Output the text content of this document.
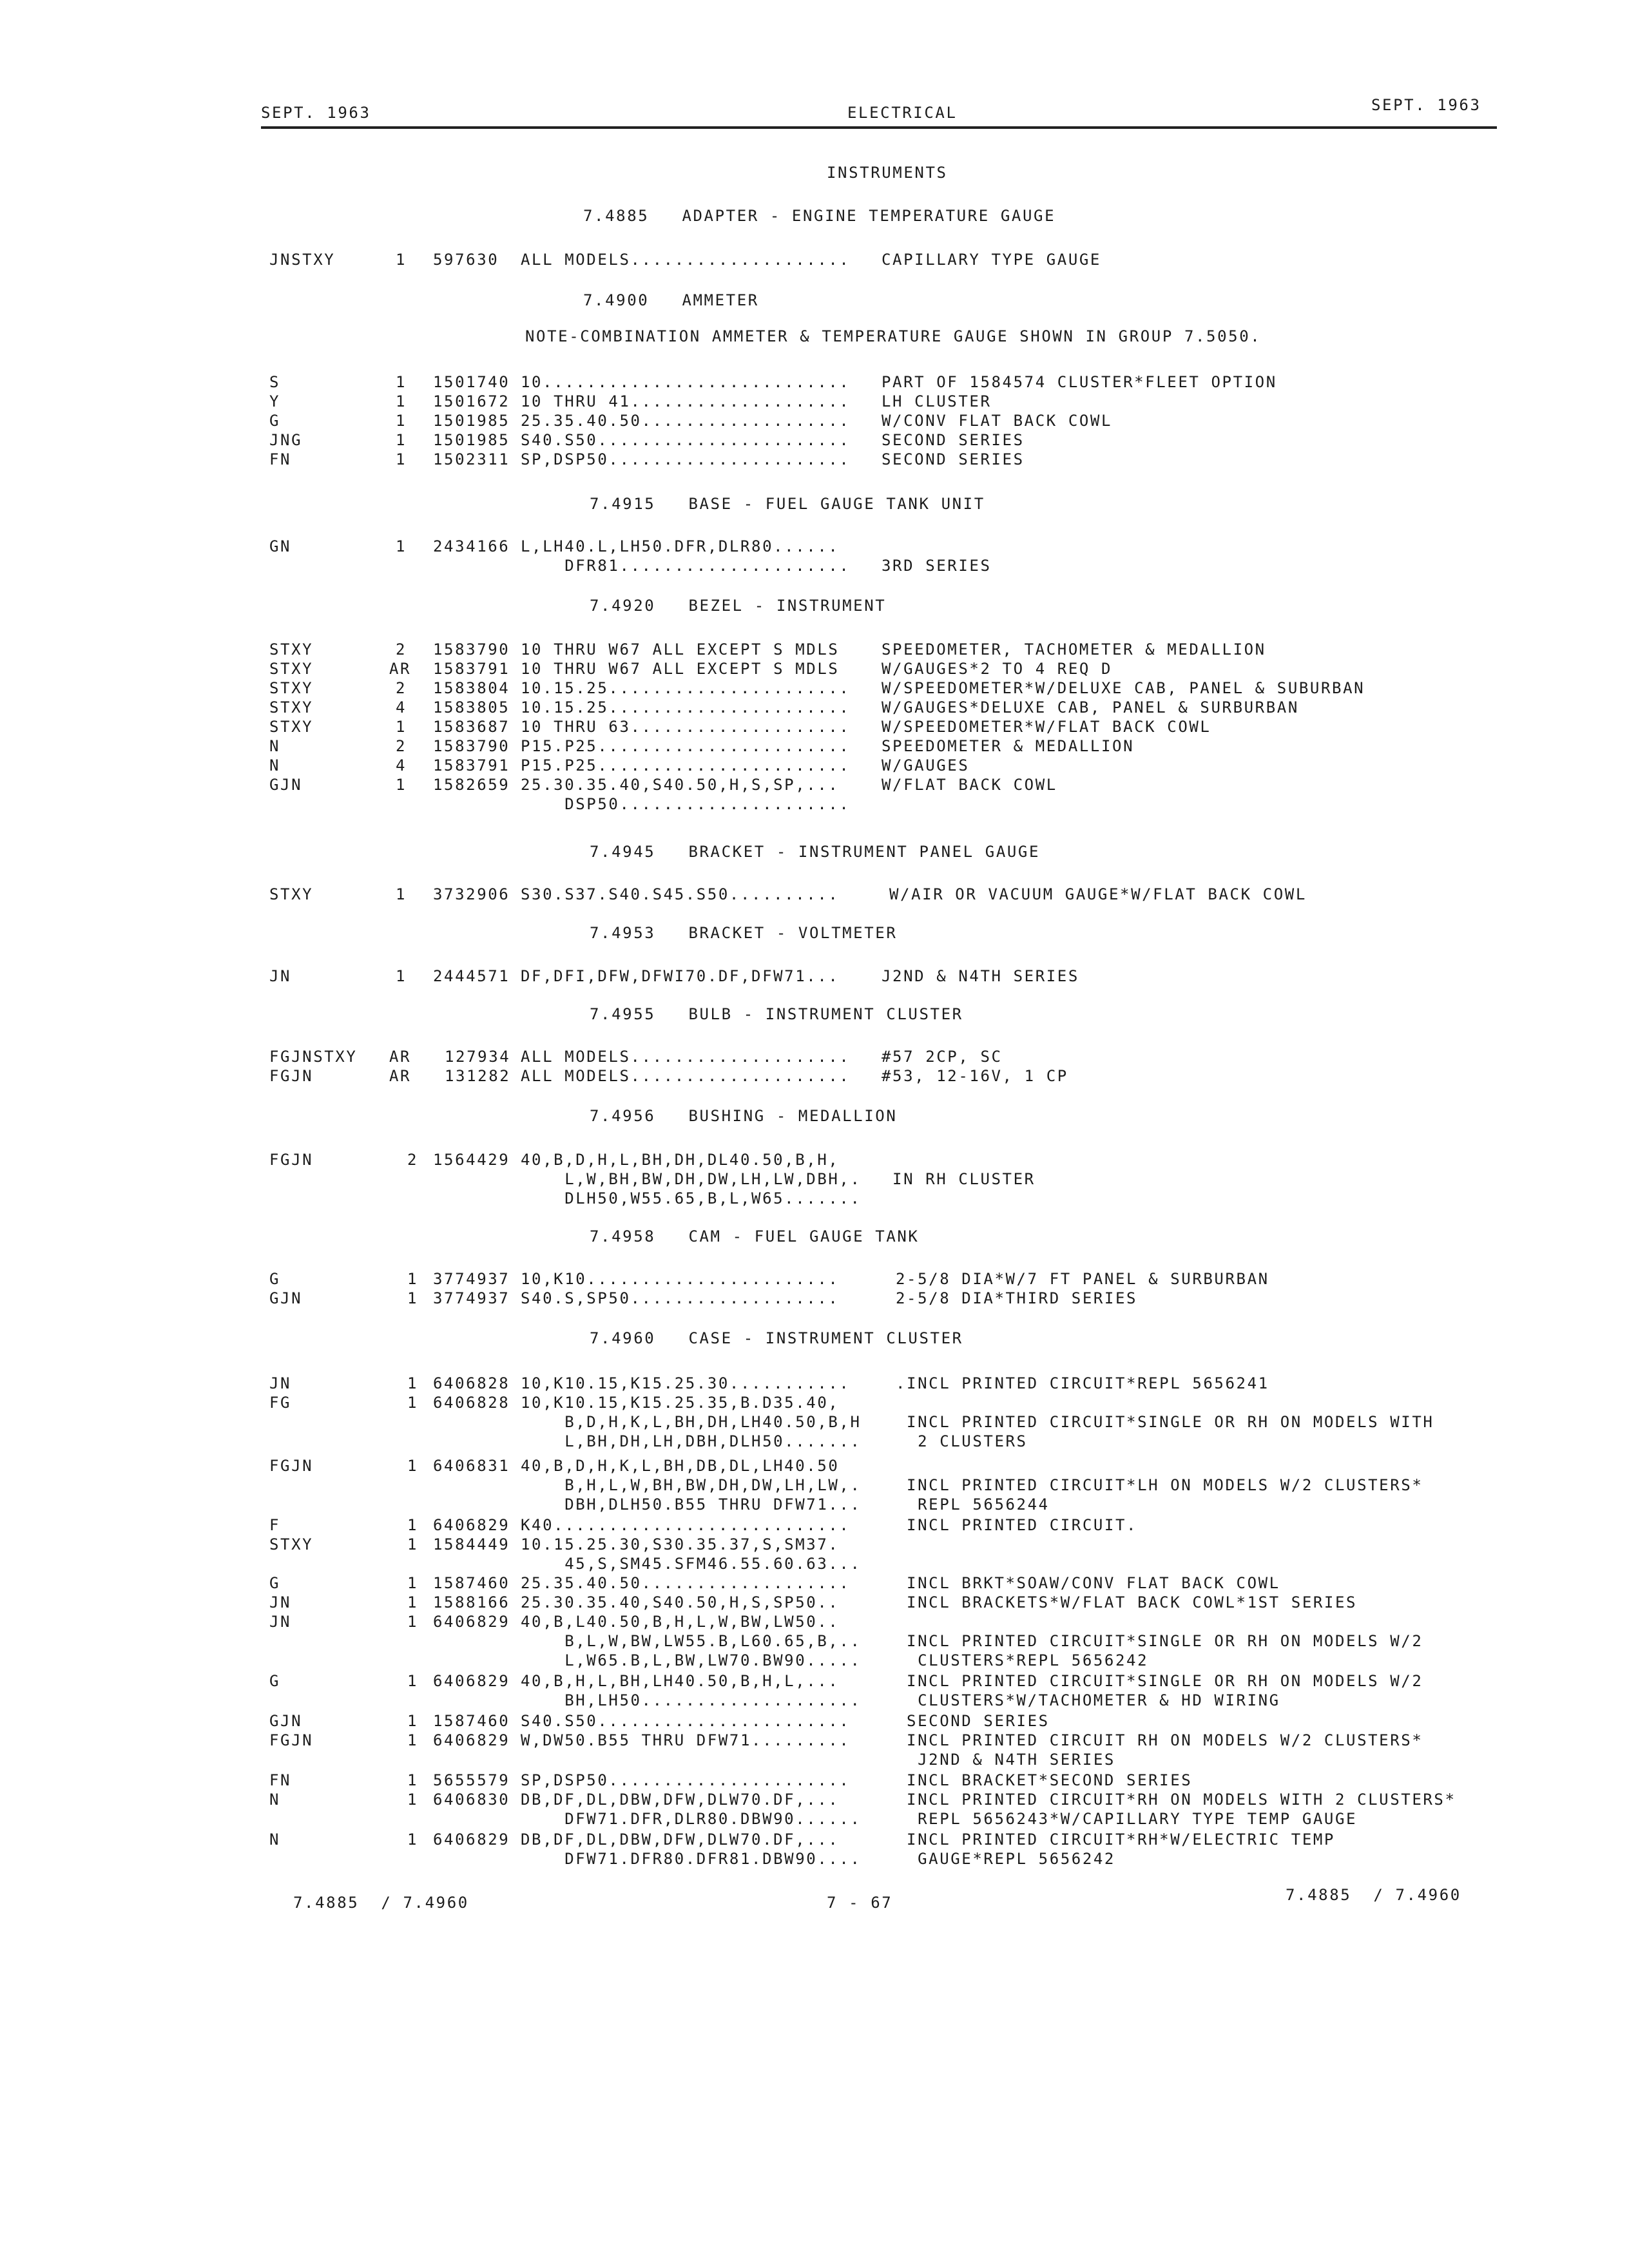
SEPT. 1963	ELECTRICAL	SEPT. 1963
INSTRUMENTS
7.4885   ADAPTER - ENGINE TEMPERATURE GAUGE
7.4900   AMMETER
NOTE-COMBINATION AMMETER & TEMPERATURE GAUGE SHOWN IN GROUP 7.5050.
7.4915   BASE - FUEL GAUGE TANK UNIT
7.4920   BEZEL - INSTRUMENT
7.4945   BRACKET - INSTRUMENT PANEL GAUGE
7.4953   BRACKET - VOLTMETER
7.4955   BULB - INSTRUMENT CLUSTER
7.4956   BUSHING - MEDALLION
7.4958   CAM - FUEL GAUGE TANK
7.4960   CASE - INSTRUMENT CLUSTER
JNSTXY	1 597630 ALL MODELS.................... CAPILLARY TYPE GAUGE
S	1 1501740 10............................ PART OF 1584574 CLUSTER*FLEET OPTION
Y	1 1501672 10 THRU 41.................... LH CLUSTER
G	1 1501985 25.35.40.50................... W/CONV FLAT BACK COWL
JNG	1 1501985 S40.S50....................... SECOND SERIES
FN	1 1502311 SP,DSP50...................... SECOND SERIES
GN	1 2434166 L,LH40.L,LH50.DFR,DLR80......
DFR81..................... 3RD SERIES
STXY	2 1583790 10 THRU W67 ALL EXCEPT S MDLS	SPEEDOMETER, TACHOMETER & MEDALLION
STXY	AR 1583791 10 THRU W67 ALL EXCEPT S MDLS	W/GAUGES*2 TO 4 REQ D
STXY	2 1583804 10.15.25...................... W/SPEEDOMETER*W/DELUXE CAB, PANEL & SUBURBAN
STXY	4 1583805 10.15.25...................... W/GAUGES*DELUXE CAB, PANEL & SURBURBAN
STXY	1 1583687 10 THRU 63.................... W/SPEEDOMETER*W/FLAT BACK COWL
N	2 1583790 P15.P25....................... SPEEDOMETER & MEDALLION
N	4 1583791 P15.P25....................... W/GAUGES
GJN	1 1582659 25.30.35.40,S40.50,H,S,SP,...	W/FLAT BACK COWL
DSP50.....................
STXY	1 3732906 S30.S37.S40.S45.S50..........	W/AIR OR VACUUM GAUGE*W/FLAT BACK COWL
JN	1 2444571 DF,DFI,DFW,DFWI70.DF,DFW71...	J2ND & N4TH SERIES
FGJNSTXY AR 127934 ALL MODELS.................... #57 2CP, SC
FGJN	AR 131282 ALL MODELS.................... #53, 12-16V, 1 CP
FGJN	2 1564429 40,B,D,H,L,BH,DH,DL40.50,B,H,
L,W,BH,BW,DH,DW,LH,LW,DBH,. IN RH CLUSTER
DLH50,W55.65,B,L,W65.......
G	1 3774937 10,K10.......................	2-5/8 DIA*W/7 FT PANEL & SURBURBAN
GJN	1 3774937 S40.S,SP50...................	2-5/8 DIA*THIRD SERIES
JN	1 6406828 10,K10.15,K15.25.30...........	.INCL PRINTED CIRCUIT*REPL 5656241
FG	1 6406828 10,K10.15,K15.25.35,B.D35.40,
B,D,H,K,L,BH,DH,LH40.50,B,H INCL PRINTED CIRCUIT*SINGLE OR RH ON MODELS WITH
L,BH,DH,LH,DBH,DLH50....... 2 CLUSTERS
FGJN	1 6406831 40,B,D,H,K,L,BH,DB,DL,LH40.50
B,H,L,W,BH,BW,DH,DW,LH,LW,. INCL PRINTED CIRCUIT*LH ON MODELS W/2 CLUSTERS*
DBH,DLH50.B55 THRU DFW71... REPL 5656244
F	1 6406829 K40...........................	INCL PRINTED CIRCUIT.
STXY	1 1584449 10.15.25.30,S30.35.37,S,SM37.
45,S,SM45.SFM46.55.60.63...
G	1 1587460 25.35.40.50...................	INCL BRKT*SOAW/CONV FLAT BACK COWL
JN	1 1588166 25.30.35.40,S40.50,H,S,SP50..	INCL BRACKETS*W/FLAT BACK COWL*1ST SERIES
JN	1 6406829 40,B,L40.50,B,H,L,W,BW,LW50..
B,L,W,BW,LW55.B,L60.65,B,.. INCL PRINTED CIRCUIT*SINGLE OR RH ON MODELS W/2
L,W65.B,L,BW,LW70.BW90..... CLUSTERS*REPL 5656242
G	1 6406829 40,B,H,L,BH,LH40.50,B,H,L,...	INCL PRINTED CIRCUIT*SINGLE OR RH ON MODELS W/2
BH,LH50.................... CLUSTERS*W/TACHOMETER & HD WIRING
GJN	1 1587460 S40.S50.......................	SECOND SERIES
FGJN	1 6406829 W,DW50.B55 THRU DFW71.........	INCL PRINTED CIRCUIT RH ON MODELS W/2 CLUSTERS*
J2ND & N4TH SERIES
FN	1 5655579 SP,DSP50......................	INCL BRACKET*SECOND SERIES
N	1 6406830 DB,DF,DL,DBW,DFW,DLW70.DF,...	INCL PRINTED CIRCUIT*RH ON MODELS WITH 2 CLUSTERS*
DFW71.DFR,DLR80.DBW90...... REPL 5656243*W/CAPILLARY TYPE TEMP GAUGE
N	1 6406829 DB,DF,DL,DBW,DFW,DLW70.DF,...	INCL PRINTED CIRCUIT*RH*W/ELECTRIC TEMP
DFW71.DFR80.DFR81.DBW90.... GAUGE*REPL 5656242
7.4885  / 7.4960	7 - 67	7.4885  / 7.4960
